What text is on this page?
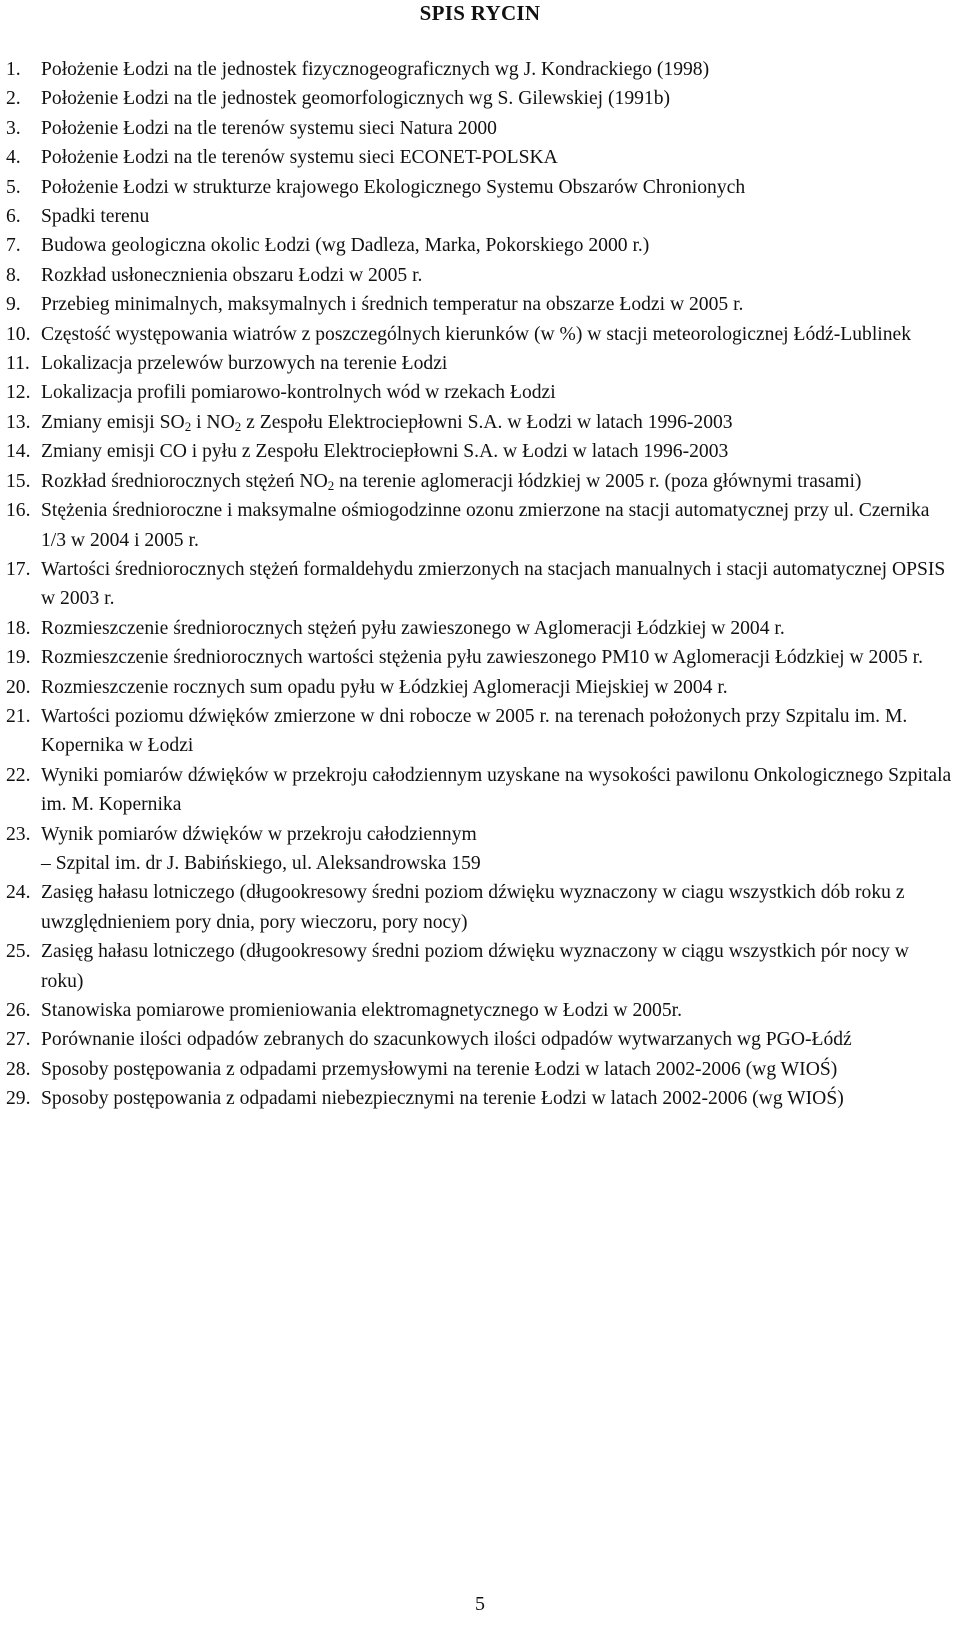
SPIS RYCIN
1. Położenie Łodzi na tle jednostek fizycznogeograficznych wg J. Kondrackiego (1998)
2. Położenie Łodzi na tle jednostek geomorfologicznych wg S. Gilewskiej (1991b)
3. Położenie Łodzi na tle terenów systemu sieci Natura 2000
4. Położenie Łodzi na tle terenów systemu sieci ECONET-POLSKA
5. Położenie Łodzi w strukturze krajowego Ekologicznego Systemu Obszarów Chronionych
6. Spadki terenu
7. Budowa geologiczna okolic Łodzi (wg Dadleza, Marka, Pokorskiego 2000 r.)
8. Rozkład usłonecznienia obszaru Łodzi w 2005 r.
9. Przebieg minimalnych, maksymalnych i średnich temperatur na obszarze Łodzi w 2005 r.
10. Częstość występowania wiatrów z poszczególnych kierunków (w %) w stacji meteorologicznej Łódź-Lublinek
11. Lokalizacja przelewów burzowych na terenie Łodzi
12. Lokalizacja profili pomiarowo-kontrolnych wód w rzekach Łodzi
13. Zmiany emisji $SO_2$ i $NO_2$ z Zespołu Elektrociepłowni S.A. w Łodzi w latach 1996-2003
14. Zmiany emisji CO i pyłu z Zespołu Elektrociepłowni S.A. w Łodzi w latach 1996-2003
15. Rozkład średniorocznych stężeń $NO_2$ na terenie aglomeracji łódzkiej w 2005 r. (poza głównymi trasami)
16. Stężenia średnioroczne i maksymalne ośmiogodzinne ozonu zmierzone na stacji automatycznej przy ul. Czernika 1/3 w 2004 i 2005 r.
17. Wartości średniorocznych stężeń formaldehydu zmierzonych na stacjach manualnych i stacji automatycznej OPSIS w 2003 r.
18. Rozmieszczenie średniorocznych stężeń pyłu zawieszonego w Aglomeracji Łódzkiej w 2004 r.
19. Rozmieszczenie średniorocznych wartości stężenia pyłu zawieszonego PM10 w Aglomeracji Łódzkiej w 2005 r.
20. Rozmieszczenie rocznych sum opadu pyłu w Łódzkiej Aglomeracji Miejskiej w 2004 r.
21. Wartości poziomu dźwięków zmierzone w dni robocze w 2005 r. na terenach położonych przy Szpitalu im. M. Kopernika w Łodzi
22. Wyniki pomiarów dźwięków w przekroju całodziennym uzyskane na wysokości pawilonu Onkologicznego Szpitala im. M. Kopernika
23. Wynik pomiarów dźwięków w przekroju całodziennym
– Szpital im. dr J. Babińskiego, ul. Aleksandrowska 159
24. Zasięg hałasu lotniczego (długookresowy średni poziom dźwięku wyznaczony w ciagu wszystkich dób roku z uwzględnieniem pory dnia, pory wieczoru, pory nocy)
25. Zasięg hałasu lotniczego (długookresowy średni poziom dźwięku wyznaczony w ciągu wszystkich pór nocy w roku)
26. Stanowiska pomiarowe promieniowania elektromagnetycznego w Łodzi w 2005r.
27. Porównanie ilości odpadów zebranych do szacunkowych ilości odpadów wytwarzanych wg PGO-Łódź
28. Sposoby postępowania z odpadami przemysłowymi na terenie Łodzi w latach 2002-2006 (wg WIOŚ)
29. Sposoby postępowania z odpadami niebezpiecznymi na terenie Łodzi w latach 2002-2006 (wg WIOŚ)
5
